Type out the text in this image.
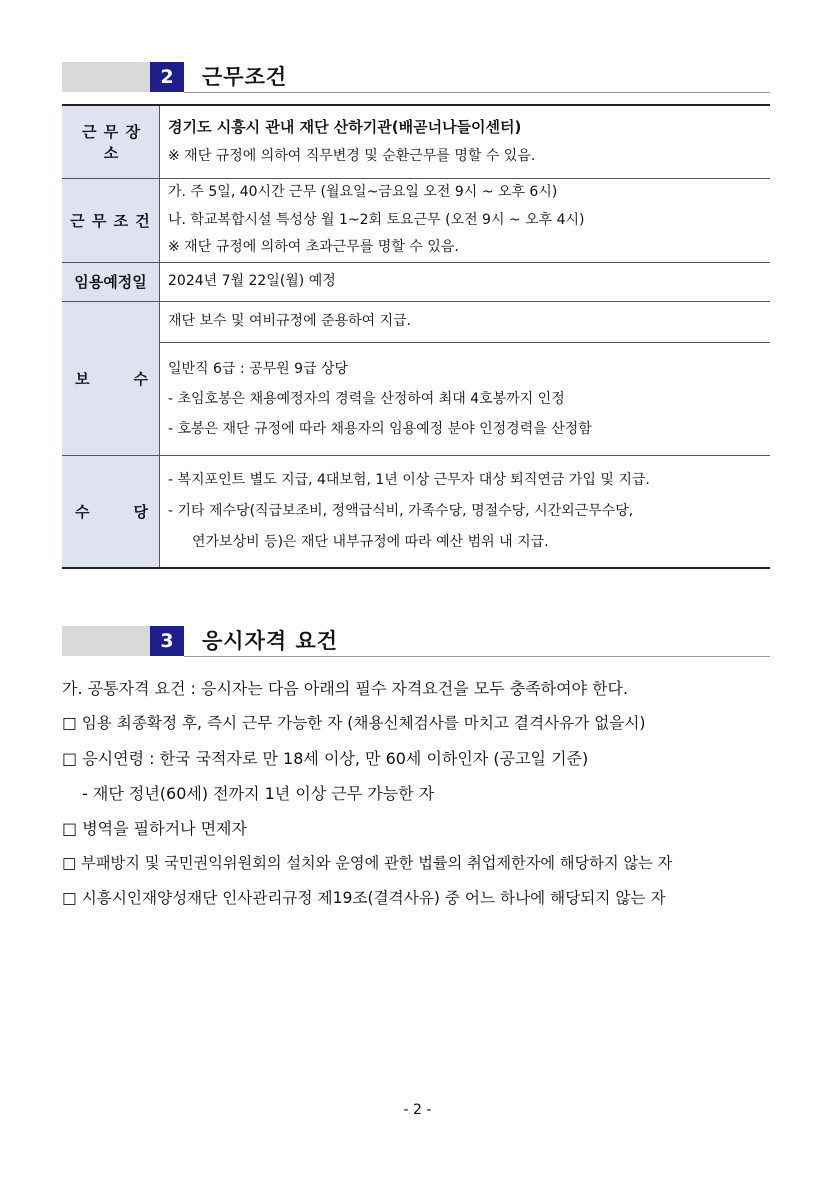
2	근무조건
근 무 장 소	경기도 시흥시 관내 재단 산하기관(배곧너나들이센터)
※ 재단 규정에 의하여 직무변경 및 순환근무를 명할 수 있음.

근 무 조 건	가. 주 5일, 40시간 근무 (월요일~금요일 오전 9시 ~ 오후 6시)
나. 학교복합시설 특성상 월 1~2회 토요근무 (오전 9시 ~ 오후 4시)
※ 재단 규정에 의하여 초과근무를 명할 수 있음.

임용예정일	2024년 7월 22일(월) 예정

보 수	재단 보수 및 여비규정에 준용하여 지급.

	일반직 6급 : 공무원 9급 상당
- 초임호봉은 채용예정자의 경력을 산정하여 최대 4호봉까지 인정
- 호봉은 재단 규정에 따라 채용자의 임용예정 분야 인정경력을 산정함

수 당	- 복지포인트 별도 지급, 4대보험, 1년 이상 근무자 대상 퇴직연금 가입 및 지급.
- 기타 제수당(직급보조비, 정액급식비, 가족수당, 명절수당, 시간외근무수당,
연가보상비 등)은 재단 내부규정에 따라 예산 범위 내 지급.
3	응시자격 요건
가. 공통자격 요건 : 응시자는 다음 아래의 필수 자격요건을 모두 충족하여야 한다.
□ 임용 최종확정 후, 즉시 근무 가능한 자 (채용신체검사를 마치고 결격사유가 없을시)
□ 응시연령 : 한국 국적자로 만 18세 이상, 만 60세 이하인자 (공고일 기준)
- 재단 정년(60세) 전까지 1년 이상 근무 가능한 자
□ 병역을 필하거나 면제자
□ 부패방지 및 국민권익위원회의 설치와 운영에 관한 법률의 취업제한자에 해당하지 않는 자
□ 시흥시인재양성재단 인사관리규정 제19조(결격사유) 중 어느 하나에 해당되지 않는 자
- 2 -
